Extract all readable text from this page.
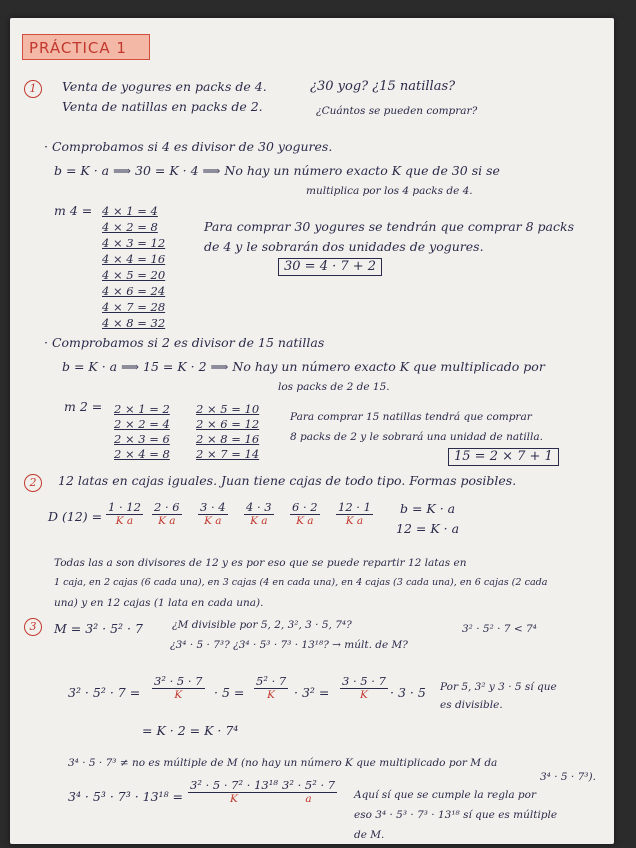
PRÁCTICA 1
1	Venta de yogures en packs de 4.
Venta de natillas en packs de 2.
¿30 yog? ¿15 natillas?
¿Cuántos se pueden comprar?
· Comprobamos si 4 es divisor de 30 yogures.
b = K · a ⟹ 30 = K · 4 ⟹ No hay un número exacto K que de 30 si se
multiplica por los 4 packs de 4.
m 4 = 4 × 1 = 4
4 × 2 = 8
4 × 3 = 12
4 × 4 = 16
4 × 5 = 20
4 × 6 = 24
4 × 7 = 28
4 × 8 = 32
Para comprar 30 yogures se tendrán que comprar 8 packs
de 4 y le sobrarán dos unidades de yogures.
30 = 4 · 7 + 2
· Comprobamos si 2 es divisor de 15 natillas
b = K · a ⟹ 15 = K · 2 ⟹ No hay un número exacto K que multiplicado por
los packs de 2 de 15.
m 2 = 2 × 1 = 2
2 × 2 = 4
2 × 3 = 6
2 × 4 = 8
2 × 5 = 10
2 × 6 = 12
2 × 8 = 16
2 × 7 = 14
Para comprar 15 natillas tendrá que comprar
8 packs de 2 y le sobrará una unidad de natilla.
15 = 2 × 7 + 1
2	12 latas en cajas iguales. Juan tiene cajas de todo tipo. Formas posibles.
D $(12) = \frac{1 \cdot 12}{\text{K a}} \frac{2 \cdot 6}{\text{K a}} \frac{3 \cdot 4}{\text{K a}} \frac{4 \cdot 3}{\text{K a}} \frac{6 \cdot 2}{\text{K a}} \frac{12 \cdot 1}{\text{K a}}$ b = K · a
12 = K · a
Todas las a son divisores de 12 y es por eso que se puede repartir 12 latas en
1 caja, en 2 cajas (6 cada una), en 3 cajas (4 en cada una), en 4 cajas (3 cada una), en 6 cajas (2 cada
una) y en 12 cajas (1 lata en cada una).
3	M = 3² · 5² · 7	¿M divisible por 5, 2, 3², 3 · 5, 7⁴?
¿3⁴ · 5 · 7³? ¿3⁴ · 5³ · 7³ · 13¹⁸? → múlt. de M?
3² · 5² · 7 < 7⁴
$3^2 \cdot 5^2 \cdot 7 = \frac{\text{3² · 5 · 7}}{K} \cdot 5 = \frac{\text{5² · 7}}{K} \cdot 3^2 = \frac{3 \cdot 5 \cdot 7}{K} \cdot 3 \cdot 5$ Por 5, 3² y 3 · 5 sí que
es divisible.
= K · 2 = K · 7⁴
3⁴ · 5 · 7³ ≠ no es múltiple de M (no hay un número K que multiplicado por M da
3⁴ · 5 · 7³).
$3^4 \cdot 5^3 \cdot 7^3 \cdot 13^{18} = \frac{\text{3² · 5 · 7² · 13¹⁸}}{K} \frac{\text{3² · 5² · 7}}{a}$ Aquí sí que se cumple la regla por
eso 3⁴ · 5³ · 7³ · 13¹⁸ sí que es múltiple
de M.
